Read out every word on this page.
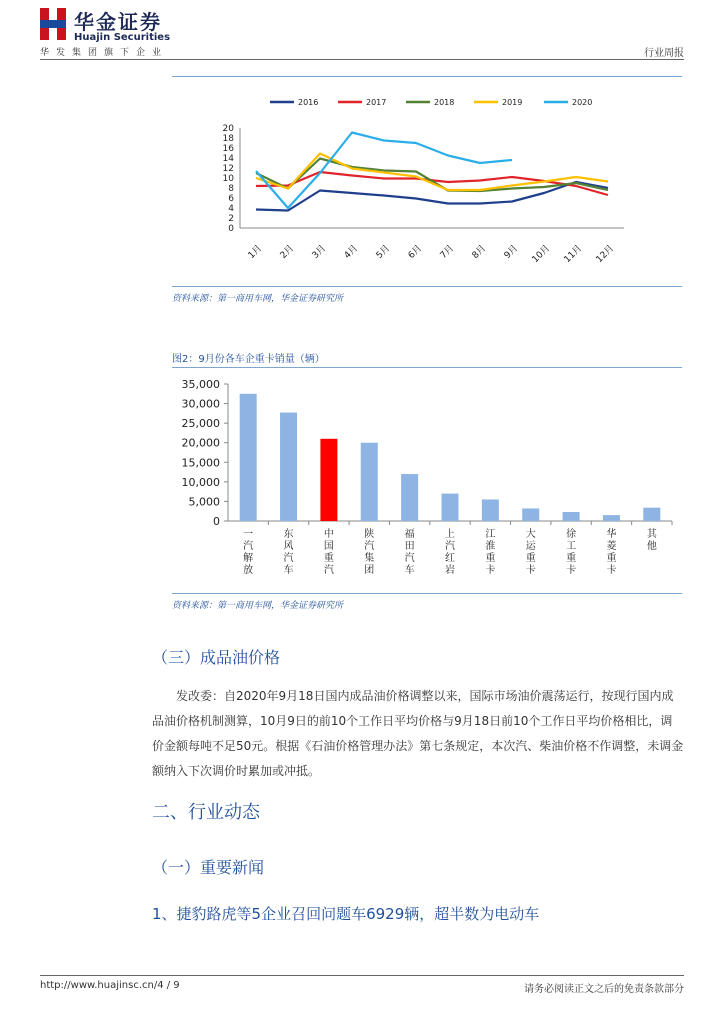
华金证券
Huajin Securities
华发集团旗下企业	行业周报
2016	2017	2018	2019	2020
0
2
4
6
8
10
12
14
16
18
20
1月 2月 3月 4月 5月 6月 7月 8月 9月 10月 11月 12月
资料来源：第一商用车网，华金证券研究所
图2：9月份各车企重卡销量（辆）
0
5,000
10,000
15,000
20,000
25,000
30,000
35,000
一汽解放
东风汽车
中国重汽
陕汽集团
福田汽车
上汽红岩
江淮重卡
大运重卡
徐工重卡
华菱重卡
其他
资料来源：第一商用车网，华金证券研究所
（三）成品油价格
发改委：自2020年9月18日国内成品油价格调整以来，国际市场油价震荡运行，按现行国内成品油价格机制测算，10月9日的前10个工作日平均价格与9月18日前10个工作日平均价格相比，调价金额每吨不足50元。根据《石油价格管理办法》第七条规定，本次汽、柴油价格不作调整，未调金额纳入下次调价时累加或冲抵。
二、行业动态
（一）重要新闻
1、捷豹路虎等5企业召回问题车6929辆，超半数为电动车
http://www.huajinsc.cn/4 / 9	请务必阅读正文之后的免责条款部分
